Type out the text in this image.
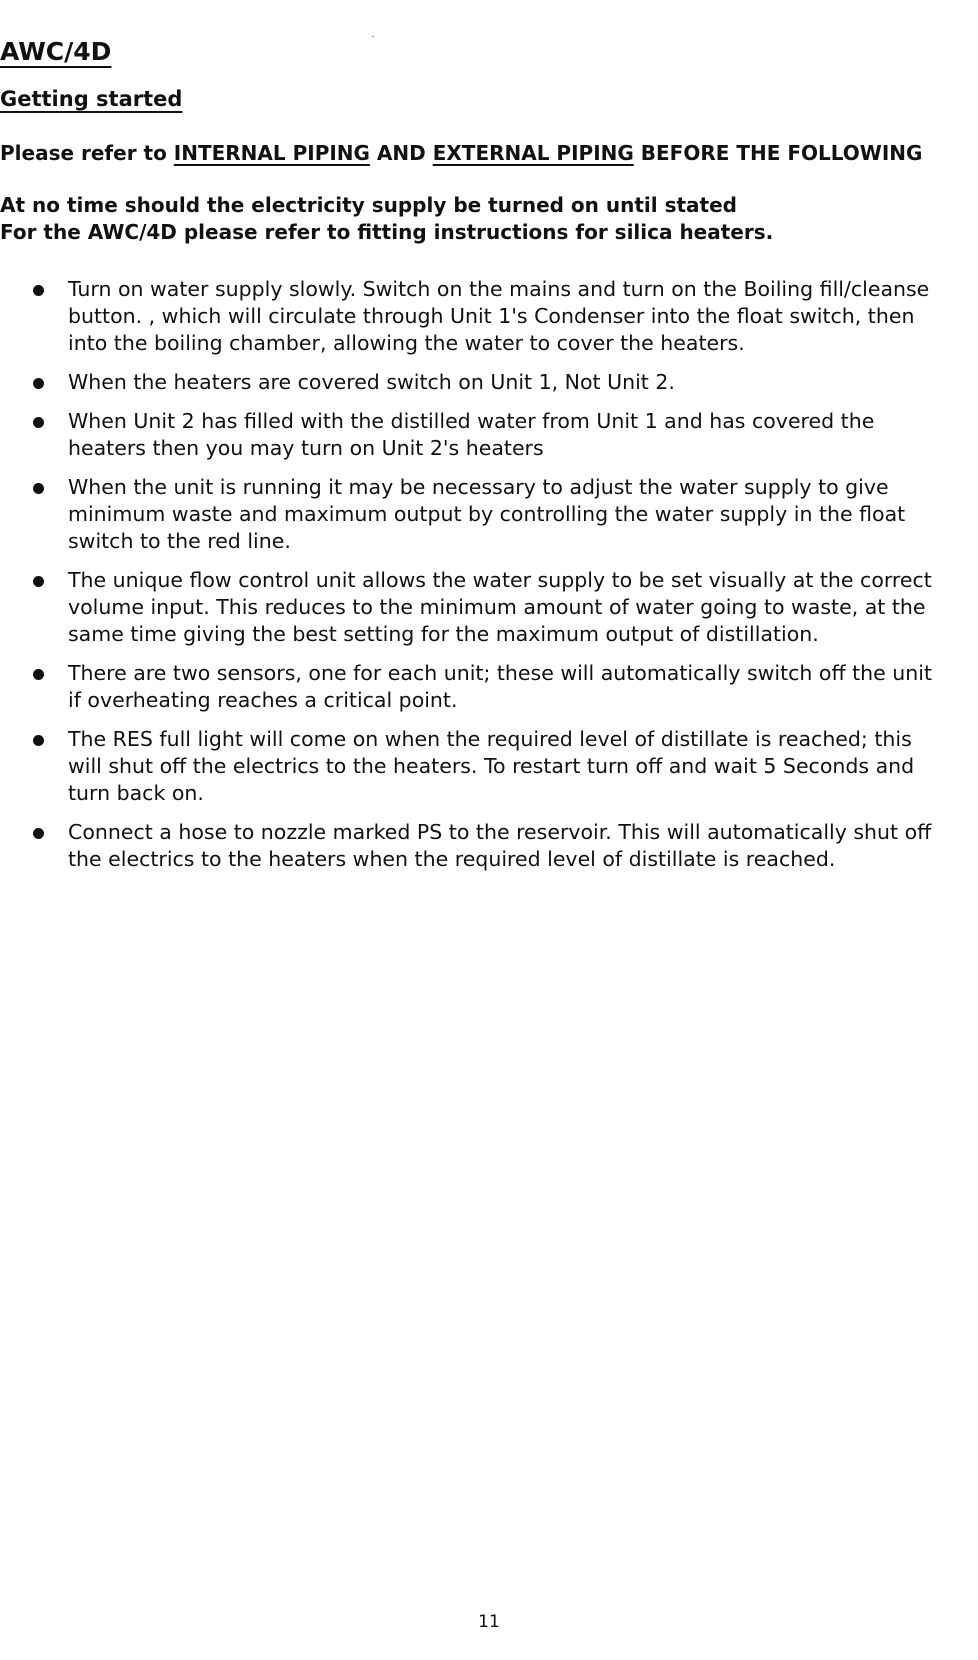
AWC/4D
Getting started

Please refer to INTERNAL PIPING AND EXTERNAL PIPING BEFORE THE FOLLOWING

At no time should the electricity supply be turned on until stated
For the AWC/4D please refer to fitting instructions for silica heaters.

Turn on water supply slowly. Switch on the mains and turn on the Boiling fill/cleanse button. , which will circulate through Unit 1's Condenser into the float switch, then into the boiling chamber, allowing the water to cover the heaters.
When the heaters are covered switch on Unit 1, Not Unit 2.
When Unit 2 has filled with the distilled water from Unit 1 and has covered the heaters then you may turn on Unit 2's heaters
When the unit is running it may be necessary to adjust the water supply to give minimum waste and maximum output by controlling the water supply in the float switch to the red line.
The unique flow control unit allows the water supply to be set visually at the correct volume input. This reduces to the minimum amount of water going to waste, at the same time giving the best setting for the maximum output of distillation.
There are two sensors, one for each unit; these will automatically switch off the unit if overheating reaches a critical point.
The RES full light will come on when the required level of distillate is reached; this will shut off the electrics to the heaters. To restart turn off and wait 5 Seconds and turn back on.
Connect a hose to nozzle marked PS to the reservoir. This will automatically shut off the electrics to the heaters when the required level of distillate is reached.
11
